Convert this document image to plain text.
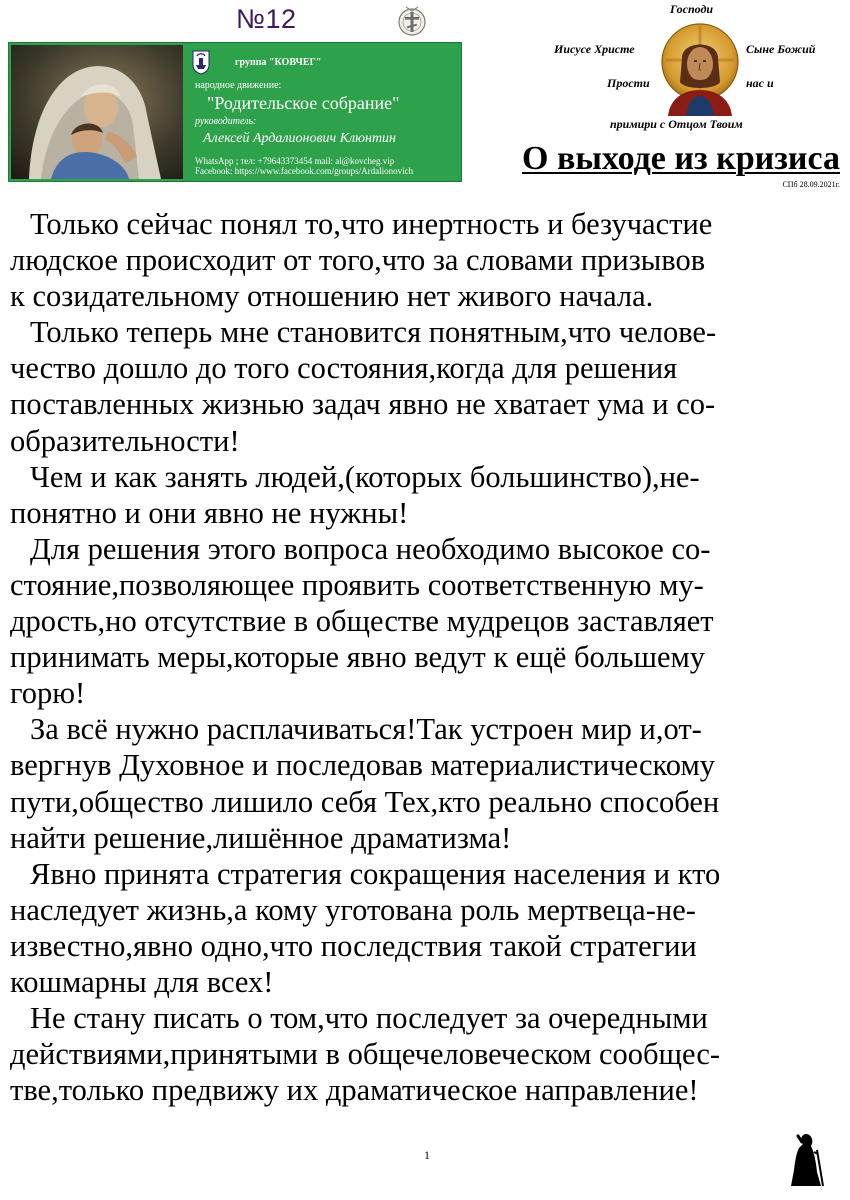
№12
группа "КОВЧЕГ"
народное движение:
"Родительское собрание"
руководитель:
Алексей Ардалионович Клюнтин
WhatsApp ; тел: +79643373454 mail: al@kovcheg.vip
Facebook: https://www.facebook.com/groups/Ardalionovich
Господи
Иисусе Христе	Сыне Божий
Прости	нас и
примири с Отцом Твоим
О выходе из кризиса
СПб 28.09.2021г.

Только сейчас понял то,что инертность и безучастие
людское происходит от того,что за словами призывов
к созидательному отношению нет живого начала.

Только теперь мне становится понятным,что челове-
чество дошло до того состояния,когда для решения
поставленных жизнью задач явно не хватает ума и со-
образительности!

Чем и как занять людей,(которых большинство),не-
понятно и они явно не нужны!

Для решения этого вопроса необходимо высокое со-
стояние,позволяющее проявить соответственную му-
дрость,но отсутствие в обществе мудрецов заставляет
принимать меры,которые явно ведут к ещё большему
горю!

За всё нужно расплачиваться!Так устроен мир и,от-
вергнув Духовное и последовав материалистическому
пути,общество лишило себя Тех,кто реально способен
найти решение,лишённое драматизма!

Явно принята стратегия сокращения населения и кто
наследует жизнь,а кому уготована роль мертвеца-не-
известно,явно одно,что последствия такой стратегии
кошмарны для всех!

Не стану писать о том,что последует за очередными
действиями,принятыми в общечеловеческом сообщес-
тве,только предвижу их драматическое направление!

1
